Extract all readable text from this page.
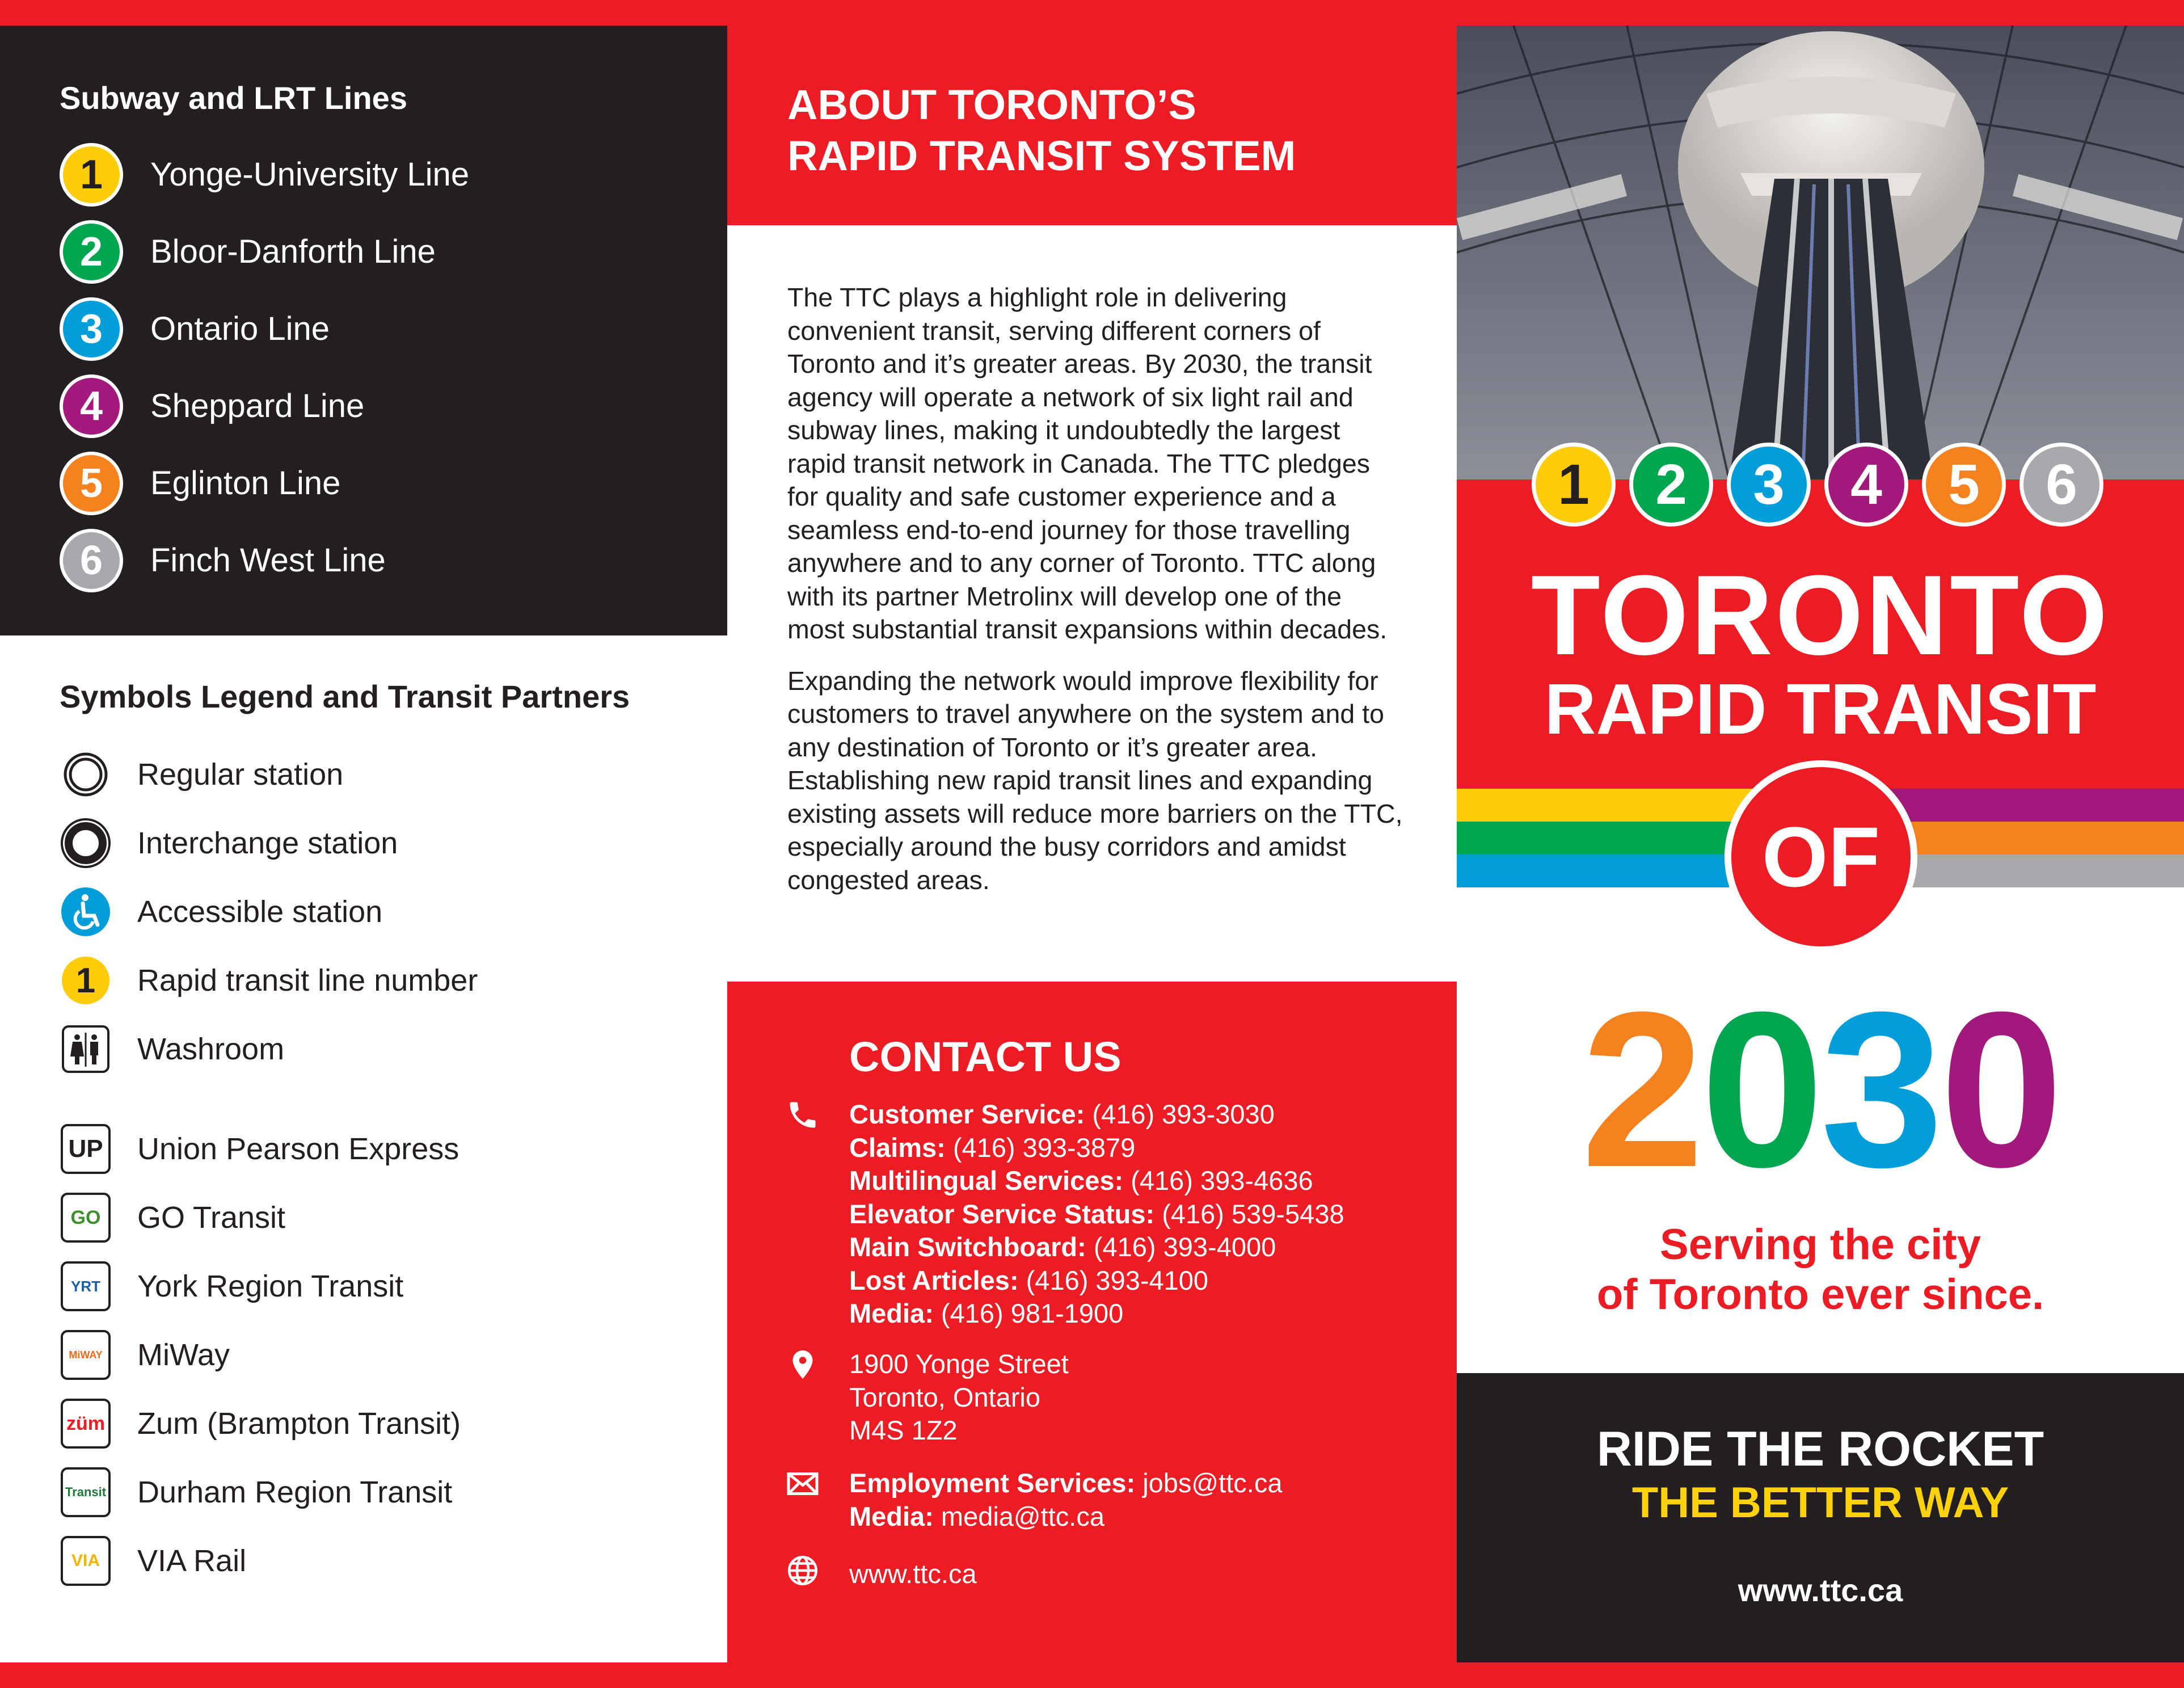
Subway and LRT Lines
1	Yonge-University Line
2	Bloor-Danforth Line
3	Ontario Line
4	Sheppard Line
5	Eglinton Line
6	Finch West Line
Symbols Legend and Transit Partners
Regular station
Interchange station
Accessible station
1	Rapid transit line number
Washroom
UP Union Pearson Express
GO	GO Transit
YRT	York Region Transit
MiWAY MiWay
züm Zum (Brampton Transit)
Transit Durham Region Transit
VIA	VIA Rail
ABOUT TORONTO’S
RAPID TRANSIT SYSTEM

The TTC plays a highlight role in delivering convenient transit, serving different corners of Toronto and it’s greater areas. By 2030, the transit agency will operate a network of six light rail and subway lines, making it undoubtedly the largest rapid transit network in Canada. The TTC pledges for quality and safe customer experience and a seamless end-to-end journey for those travelling anywhere and to any corner of Toronto. TTC along with its partner Metrolinx will develop one of the most substantial transit expansions within decades.

Expanding the network would improve flexibility for customers to travel anywhere on the system and to any destination of Toronto or it’s greater area. Establishing new rapid transit lines and expanding existing assets will reduce more barriers on the TTC, especially around the busy corridors and amidst congested areas.

CONTACT US
Customer Service: (416) 393-3030
Claims: (416) 393-3879
Multilingual Services: (416) 393-4636
Elevator Service Status: (416) 539-5438
Main Switchboard: (416) 393-4000
Lost Articles: (416) 393-4100
Media: (416) 981-1900
1900 Yonge Street
Toronto, Ontario
M4S 1Z2
Employment Services: jobs@ttc.ca
Media: media@ttc.ca
www.ttc.ca
1	2	3	4	5	6
TORONTO
RAPID TRANSIT
OF
2030
Serving the city
of Toronto ever since.
RIDE THE ROCKET
THE BETTER WAY
www.ttc.ca
